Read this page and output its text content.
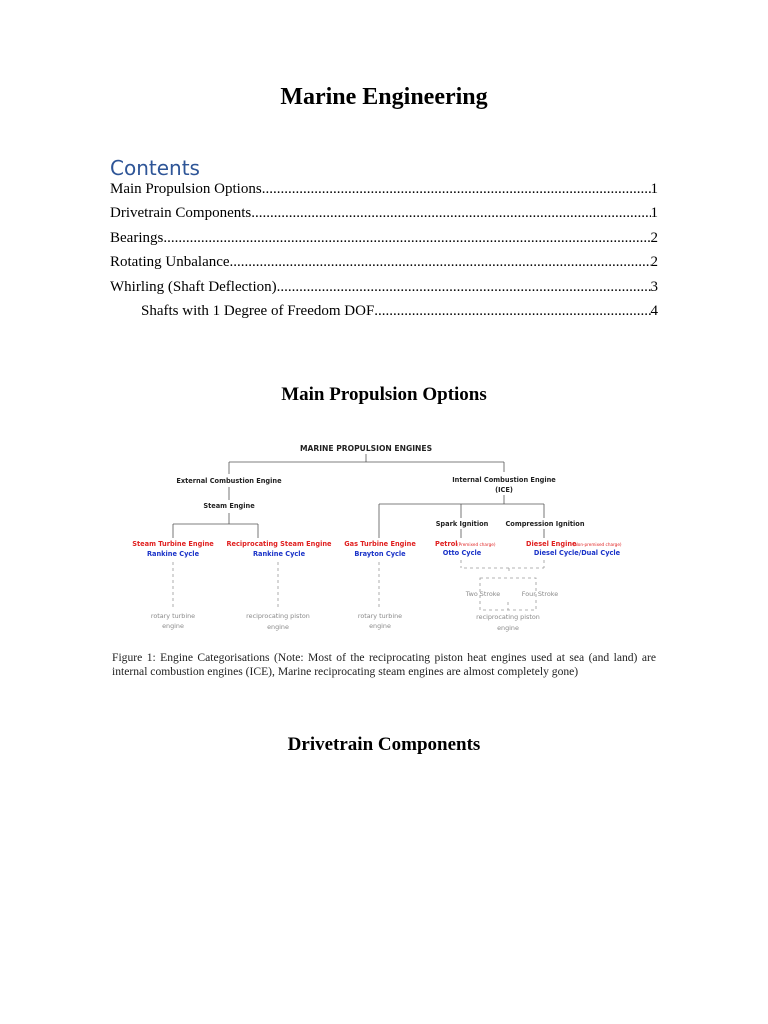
Marine Engineering
Contents
Main Propulsion Options .....	1
Drivetrain Components .....	1
Bearings .....	2
Rotating Unbalance .....	2
Whirling (Shaft Deflection) .....	3
Shafts with 1 Degree of Freedom DOF .....	4
Main Propulsion Options
MARINE PROPULSION ENGINES
External Combustion Engine
Steam Engine
Internal Combustion Engine
(ICE)
Spark Ignition	Compression Ignition
Steam Turbine Engine
Rankine Cycle
Reciprocating Steam Engine
Rankine Cycle
Gas Turbine Engine
Brayton Cycle
Petrol (Premixed charge)
Otto Cycle
Diesel Engine
(Non-premixed charge)
Diesel Cycle/Dual Cycle
rotary turbine
engine
reciprocating piston
engine
rotary turbine
engine
Two Stroke	Four Stroke
reciprocating piston
engine
Figure 1: Engine Categorisations (Note: Most of the reciprocating piston heat engines used at sea (and land) are internal combustion engines (ICE), Marine reciprocating steam engines are almost completely gone)
Drivetrain Components
